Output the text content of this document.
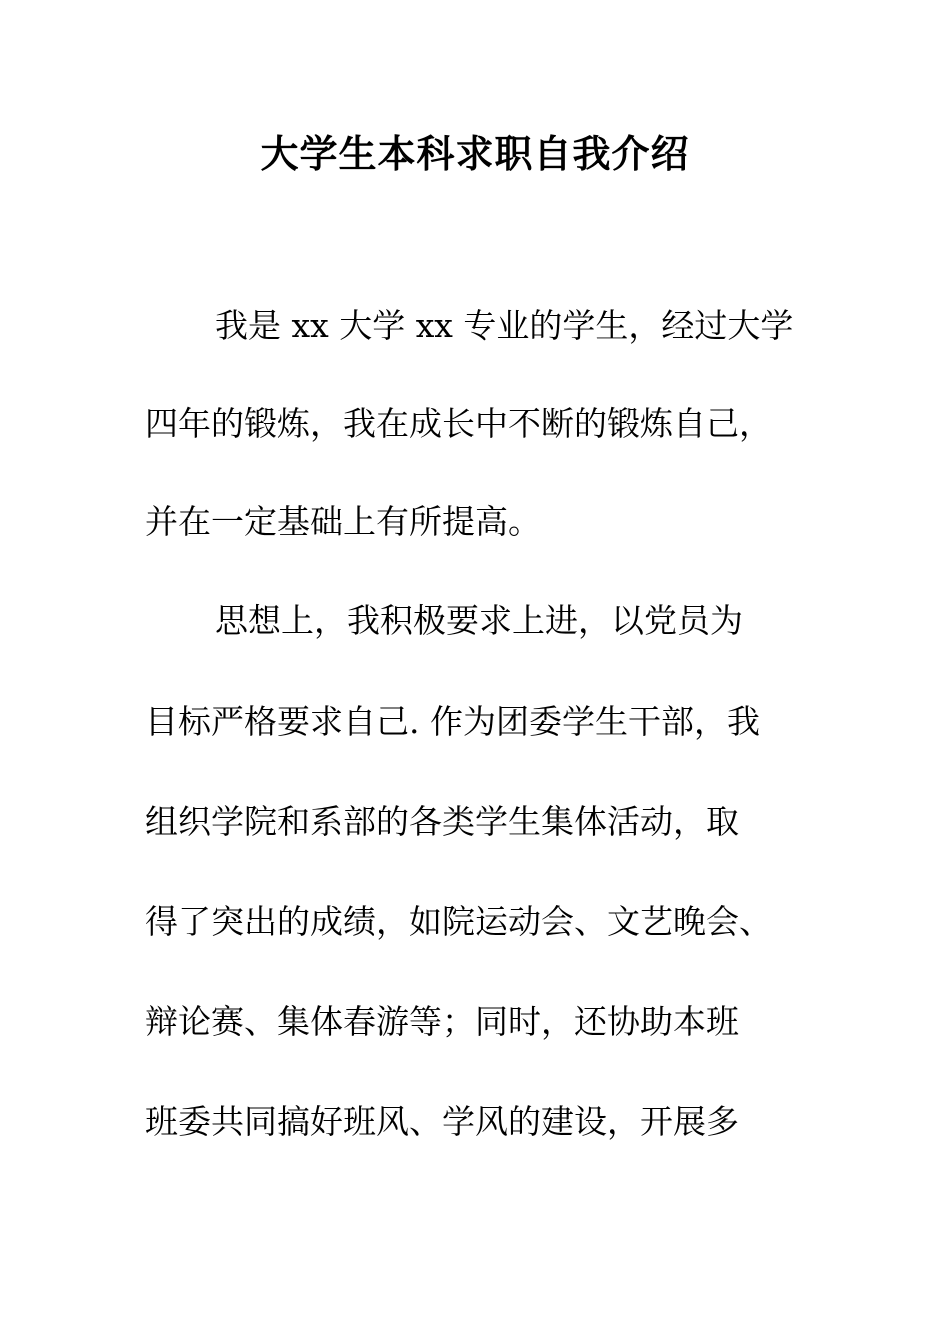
大学生本科求职自我介绍
我是 xx 大学 xx 专业的学生，经过大学
四年的锻炼，我在成长中不断的锻炼自己，
并在一定基础上有所提高。
思想上，我积极要求上进，以党员为
目标严格要求自己. 作为团委学生干部，我
组织学院和系部的各类学生集体活动，取
得了突出的成绩，如院运动会、文艺晚会、
辩论赛、集体春游等；同时，还协助本班
班委共同搞好班风、学风的建设，开展多
